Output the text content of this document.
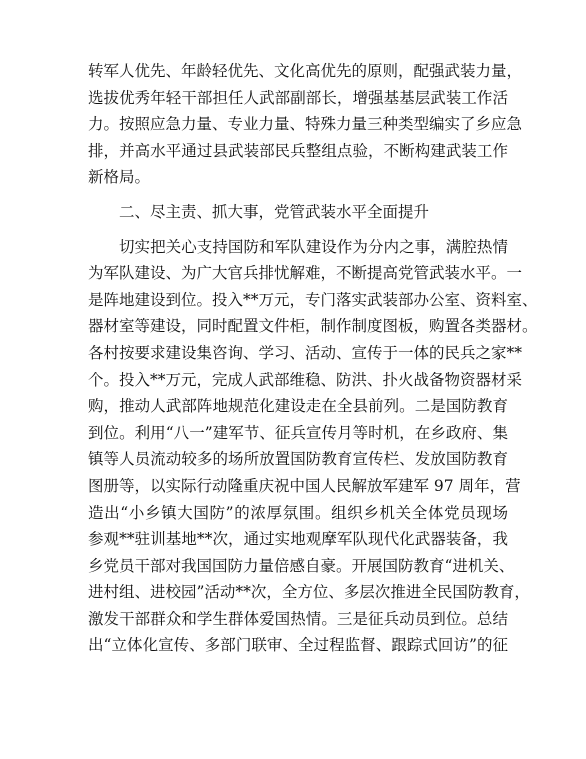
转军人优先、年龄轻优先、文化高优先的原则，配强武装力量，
选拔优秀年轻干部担任人武部副部长，增强基基层武装工作活
力。按照应急力量、专业力量、特殊力量三种类型编实了乡应急
排，并高水平通过县武装部民兵整组点验，不断构建武装工作
新格局。
二、尽主责、抓大事，党管武装水平全面提升
切实把关心支持国防和军队建设作为分内之事，满腔热情
为军队建设、为广大官兵排忧解难，不断提高党管武装水平。一
是阵地建设到位。投入**万元，专门落实武装部办公室、资料室、
器材室等建设，同时配置文件柜，制作制度图板，购置各类器材。
各村按要求建设集咨询、学习、活动、宣传于一体的民兵之家**
个。投入**万元，完成人武部维稳、防洪、扑火战备物资器材采
购，推动人武部阵地规范化建设走在全县前列。二是国防教育
到位。利用“八一”建军节、征兵宣传月等时机，在乡政府、集
镇等人员流动较多的场所放置国防教育宣传栏、发放国防教育
图册等，以实际行动隆重庆祝中国人民解放军建军 97 周年，营
造出“小乡镇大国防”的浓厚氛围。组织乡机关全体党员现场
参观**驻训基地**次，通过实地观摩军队现代化武器装备，我
乡党员干部对我国国防力量倍感自豪。开展国防教育“进机关、
进村组、进校园”活动**次，全方位、多层次推进全民国防教育，
激发干部群众和学生群体爱国热情。三是征兵动员到位。总结
出“立体化宣传、多部门联审、全过程监督、跟踪式回访”的征
